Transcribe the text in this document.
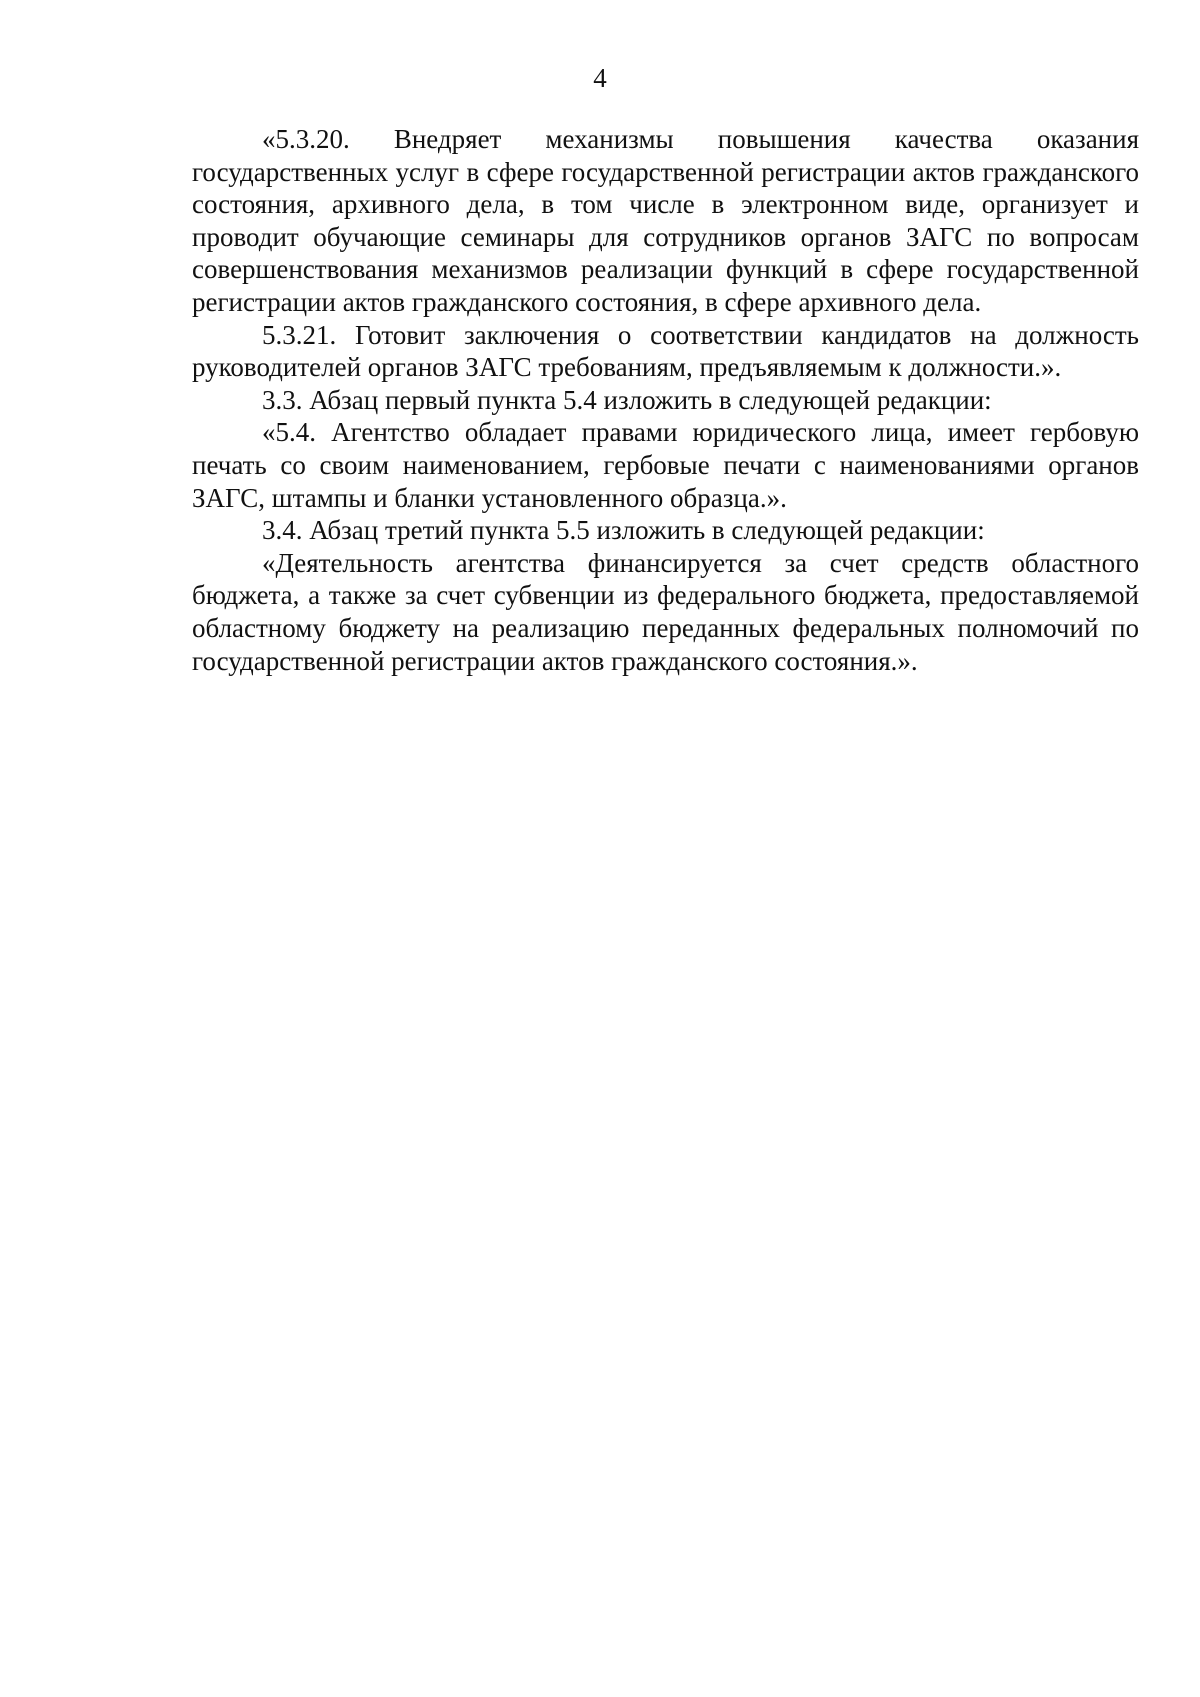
4

«5.3.20. Внедряет механизмы повышения качества оказания государственных услуг в сфере государственной регистрации актов гражданского состояния, архивного дела, в том числе в электронном виде, организует и проводит обучающие семинары для сотрудников органов ЗАГС по вопросам совершенствования механизмов реализации функций в сфере государственной регистрации актов гражданского состояния, в сфере архивного дела.

5.3.21. Готовит заключения о соответствии кандидатов на должность руководителей органов ЗАГС требованиям, предъявляемым к должности.».

3.3. Абзац первый пункта 5.4 изложить в следующей редакции:

«5.4. Агентство обладает правами юридического лица, имеет гербовую печать со своим наименованием, гербовые печати с наименованиями органов ЗАГС, штампы и бланки установленного образца.».

3.4. Абзац третий пункта 5.5 изложить в следующей редакции:

«Деятельность агентства финансируется за счет средств областного бюджета, а также за счет субвенции из федерального бюджета, предоставляемой областному бюджету на реализацию переданных федеральных полномочий по государственной регистрации актов гражданского состояния.».
